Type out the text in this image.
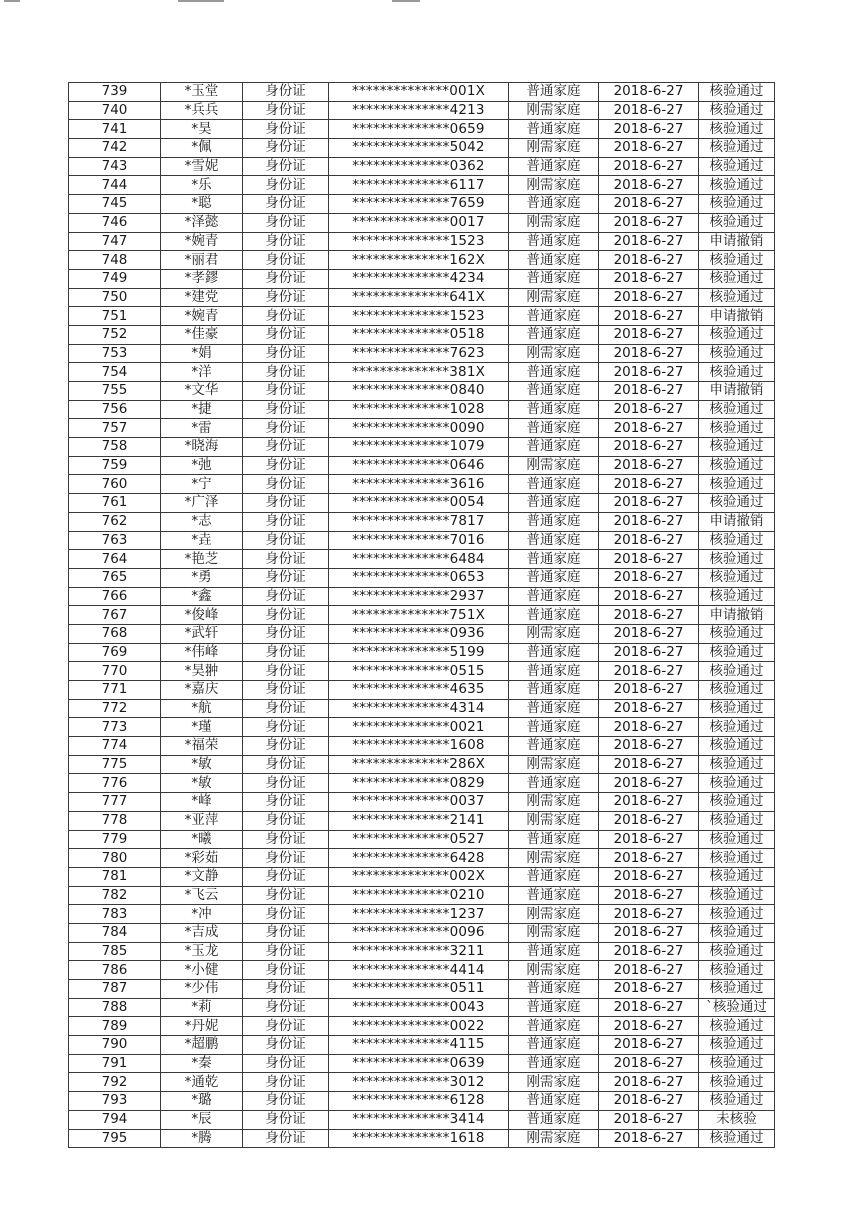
739	*玉堂	身份证	**************001X	普通家庭	2018-6-27	核验通过
740	*兵兵	身份证	**************4213	刚需家庭	2018-6-27	核验通过
741	*昊	身份证	**************0659	普通家庭	2018-6-27	核验通过
742	*佩	身份证	**************5042	刚需家庭	2018-6-27	核验通过
743	*雪妮	身份证	**************0362	普通家庭	2018-6-27	核验通过
744	*乐	身份证	**************6117	刚需家庭	2018-6-27	核验通过
745	*聪	身份证	**************7659	普通家庭	2018-6-27	核验通过
746	*泽懿	身份证	**************0017	刚需家庭	2018-6-27	核验通过
747	*婉青	身份证	**************1523	普通家庭	2018-6-27	申请撤销
748	*丽君	身份证	**************162X	普通家庭	2018-6-27	核验通过
749	*孝鏐	身份证	**************4234	普通家庭	2018-6-27	核验通过
750	*建党	身份证	**************641X	刚需家庭	2018-6-27	核验通过
751	*婉青	身份证	**************1523	普通家庭	2018-6-27	申请撤销
752	*佳豪	身份证	**************0518	普通家庭	2018-6-27	核验通过
753	*娟	身份证	**************7623	刚需家庭	2018-6-27	核验通过
754	*洋	身份证	**************381X	普通家庭	2018-6-27	核验通过
755	*文华	身份证	**************0840	普通家庭	2018-6-27	申请撤销
756	*捷	身份证	**************1028	普通家庭	2018-6-27	核验通过
757	*雷	身份证	**************0090	普通家庭	2018-6-27	核验通过
758	*晓海	身份证	**************1079	普通家庭	2018-6-27	核验通过
759	*弛	身份证	**************0646	刚需家庭	2018-6-27	核验通过
760	*宁	身份证	**************3616	普通家庭	2018-6-27	核验通过
761	*广泽	身份证	**************0054	普通家庭	2018-6-27	核验通过
762	*志	身份证	**************7817	普通家庭	2018-6-27	申请撤销
763	*垚	身份证	**************7016	普通家庭	2018-6-27	核验通过
764	*艳芝	身份证	**************6484	普通家庭	2018-6-27	核验通过
765	*勇	身份证	**************0653	普通家庭	2018-6-27	核验通过
766	*鑫	身份证	**************2937	普通家庭	2018-6-27	核验通过
767	*俊峰	身份证	**************751X	普通家庭	2018-6-27	申请撤销
768	*武轩	身份证	**************0936	刚需家庭	2018-6-27	核验通过
769	*伟峰	身份证	**************5199	普通家庭	2018-6-27	核验通过
770	*昊翀	身份证	**************0515	普通家庭	2018-6-27	核验通过
771	*嘉庆	身份证	**************4635	普通家庭	2018-6-27	核验通过
772	*航	身份证	**************4314	普通家庭	2018-6-27	核验通过
773	*瑾	身份证	**************0021	普通家庭	2018-6-27	核验通过
774	*福荣	身份证	**************1608	普通家庭	2018-6-27	核验通过
775	*敏	身份证	**************286X	刚需家庭	2018-6-27	核验通过
776	*敏	身份证	**************0829	普通家庭	2018-6-27	核验通过
777	*峰	身份证	**************0037	刚需家庭	2018-6-27	核验通过
778	*亚萍	身份证	**************2141	刚需家庭	2018-6-27	核验通过
779	*曦	身份证	**************0527	普通家庭	2018-6-27	核验通过
780	*彩茹	身份证	**************6428	刚需家庭	2018-6-27	核验通过
781	*文静	身份证	**************002X	普通家庭	2018-6-27	核验通过
782	*飞云	身份证	**************0210	普通家庭	2018-6-27	核验通过
783	*冲	身份证	**************1237	刚需家庭	2018-6-27	核验通过
784	*吉成	身份证	**************0096	刚需家庭	2018-6-27	核验通过
785	*玉龙	身份证	**************3211	普通家庭	2018-6-27	核验通过
786	*小健	身份证	**************4414	刚需家庭	2018-6-27	核验通过
787	*少伟	身份证	**************0511	普通家庭	2018-6-27	核验通过
788	*莉	身份证	**************0043	普通家庭	2018-6-27	`核验通过
789	*丹妮	身份证	**************0022	普通家庭	2018-6-27	核验通过
790	*超鹏	身份证	**************4115	普通家庭	2018-6-27	核验通过
791	*秦	身份证	**************0639	普通家庭	2018-6-27	核验通过
792	*通乾	身份证	**************3012	刚需家庭	2018-6-27	核验通过
793	*璐	身份证	**************6128	普通家庭	2018-6-27	核验通过
794	*辰	身份证	**************3414	普通家庭	2018-6-27	未核验
795	*腾	身份证	**************1618	刚需家庭	2018-6-27	核验通过
